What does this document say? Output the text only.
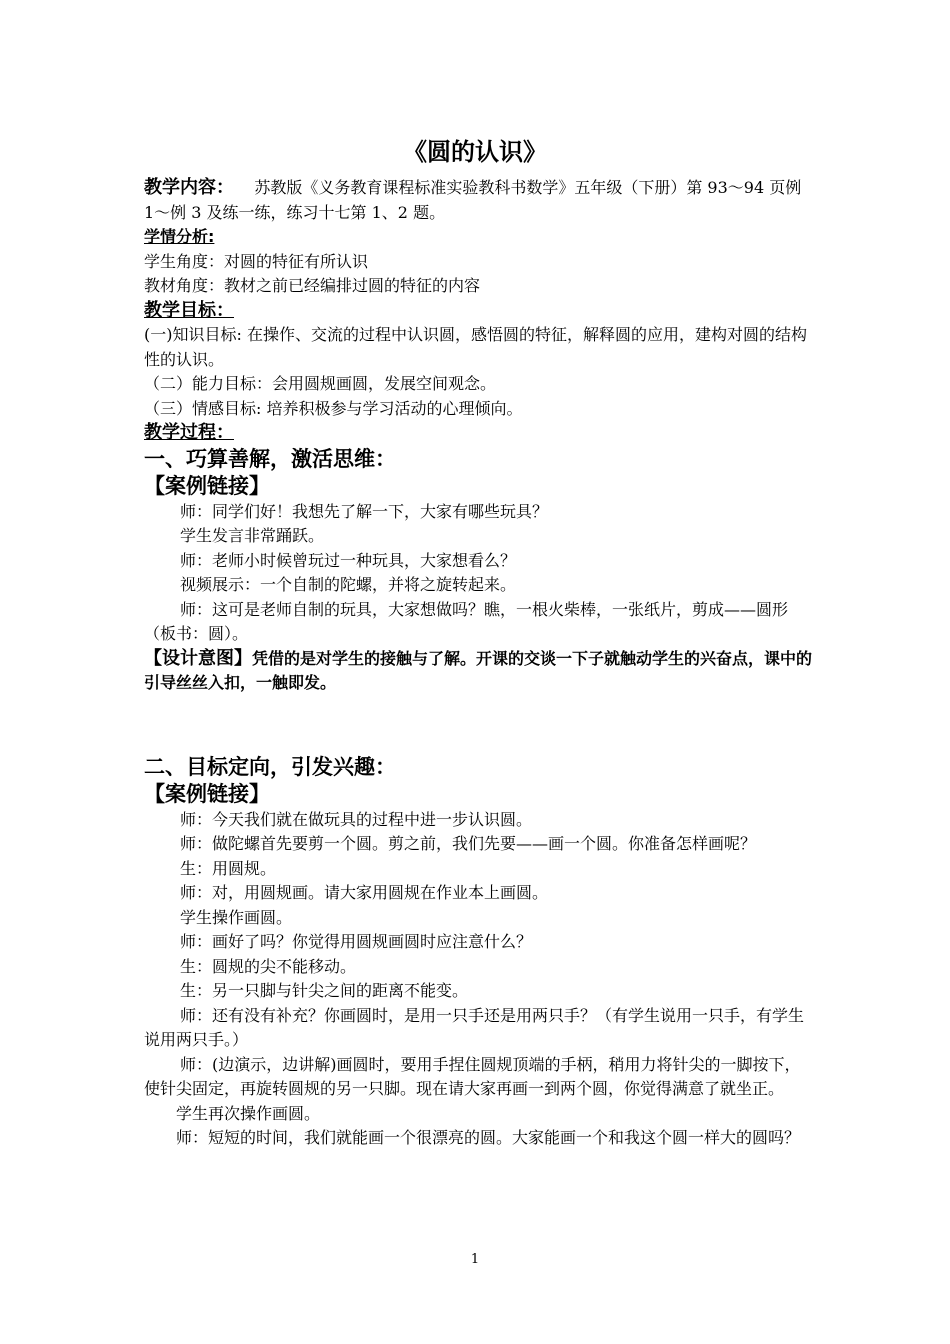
《圆的认识》
教学内容： 苏教版《义务教育课程标准实验教科书数学》五年级（下册）第 93～94 页例 1～例 3 及练一练，练习十七第 1、2 题。
学情分析:
学生角度：对圆的特征有所认识
教材角度：教材之前已经编排过圆的特征的内容
教学目标：
(一)知识目标: 在操作、交流的过程中认识圆，感悟圆的特征，解释圆的应用，建构对圆的结构性的认识。
（二）能力目标：会用圆规画圆，发展空间观念。
（三）情感目标: 培养积极参与学习活动的心理倾向。
教学过程：
一、巧算善解，激活思维：
【案例链接】
师：同学们好！我想先了解一下，大家有哪些玩具？
学生发言非常踊跃。
师：老师小时候曾玩过一种玩具，大家想看么？
视频展示：一个自制的陀螺，并将之旋转起来。
师：这可是老师自制的玩具，大家想做吗？瞧，一根火柴棒，一张纸片，剪成——圆形（板书：圆）。
【设计意图】凭借的是对学生的接触与了解。开课的交谈一下子就触动学生的兴奋点，课中的引导丝丝入扣，一触即发。
二、目标定向，引发兴趣：
【案例链接】
师：今天我们就在做玩具的过程中进一步认识圆。
师：做陀螺首先要剪一个圆。剪之前，我们先要——画一个圆。你准备怎样画呢？
生：用圆规。
师：对，用圆规画。请大家用圆规在作业本上画圆。
学生操作画圆。
师：画好了吗？你觉得用圆规画圆时应注意什么？
生：圆规的尖不能移动。
生：另一只脚与针尖之间的距离不能变。
师：还有没有补充？你画圆时，是用一只手还是用两只手？（有学生说用一只手，有学生说用两只手。）
师：(边演示，边讲解)画圆时，要用手捏住圆规顶端的手柄，稍用力将针尖的一脚按下，使针尖固定，再旋转圆规的另一只脚。现在请大家再画一到两个圆，你觉得满意了就坐正。
学生再次操作画圆。
师：短短的时间，我们就能画一个很漂亮的圆。大家能画一个和我这个圆一样大的圆吗？
1
